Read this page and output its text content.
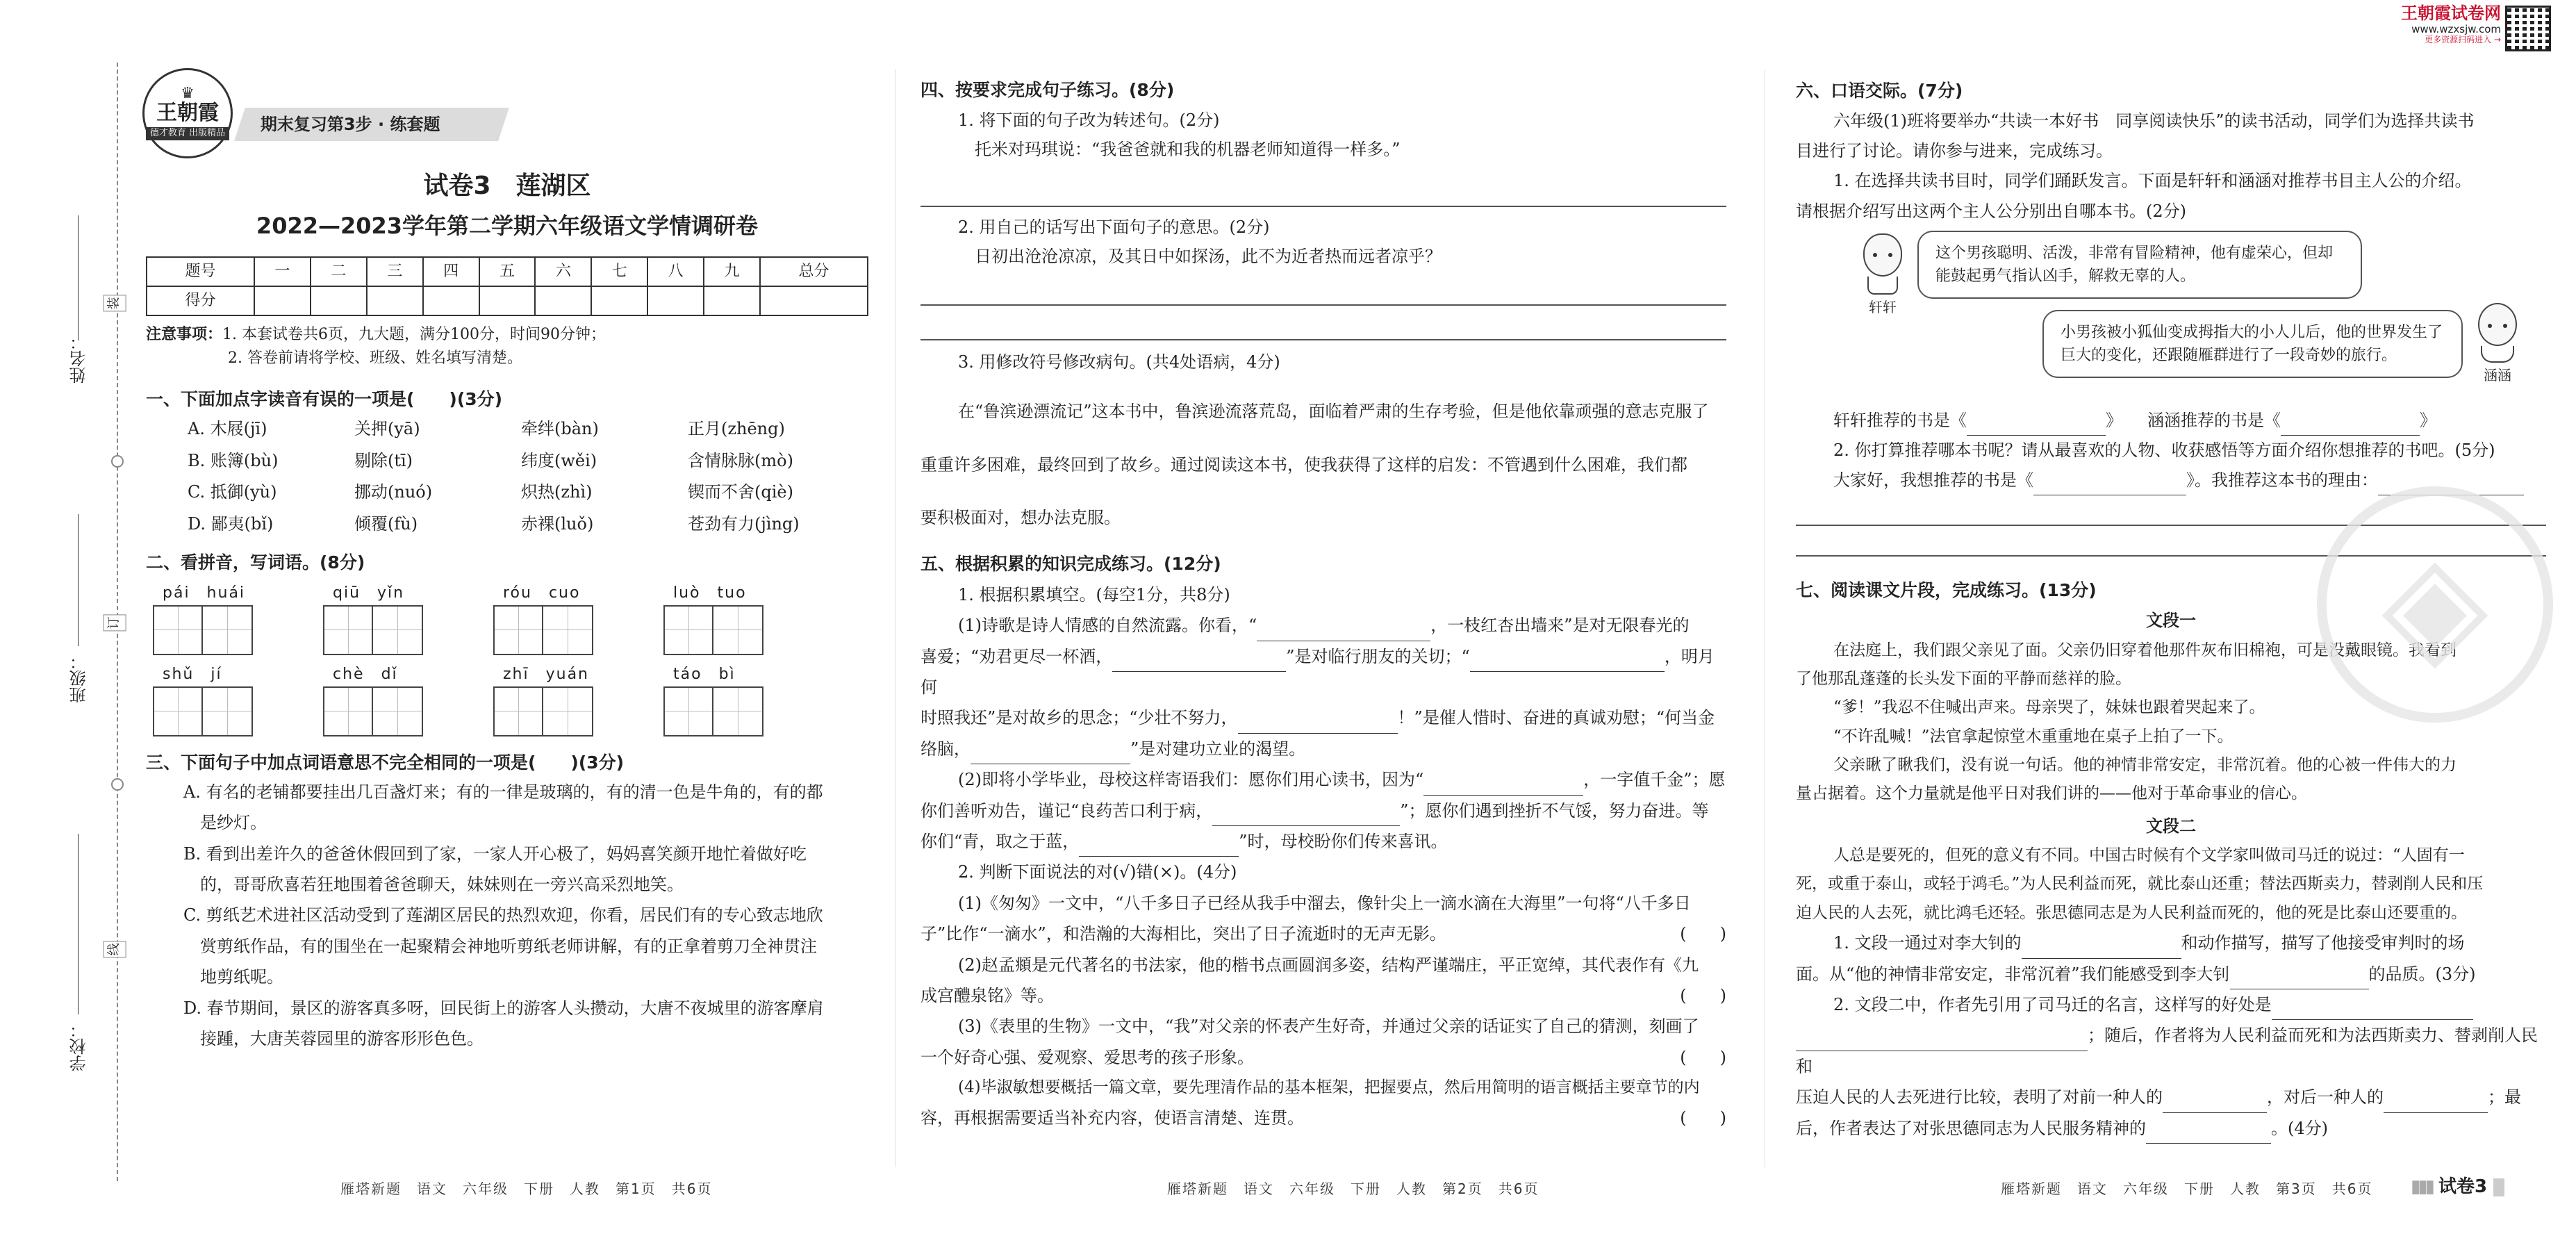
姓名：
班级：
学校：
装
订
线
♛
王朝霞
德才教育 出版精品 期末复习第3步 · 练套题
试卷3　莲湖区
2022—2023学年第二学期六年级语文学情调研卷
题号	一	二	三	四	五	六	七	八	九	总分
得分										
注意事项：1. 本套试卷共6页，九大题，满分100分，时间90分钟；
2. 答卷前请将学校、班级、姓名填写清楚。
一、下面加点字读音有误的一项是(　　)(3分)
A. 木屐(jī)	关押(yā)	牵绊(bàn)	正月(zhēng)
B. 账簿(bù)	剔除(tī)	纬度(wěi)	含情脉脉(mò)
C. 抵御(yù)	挪动(nuó)	炽热(zhì)	锲而不舍(qiè)
D. 鄙夷(bǐ)	倾覆(fù)	赤裸(luǒ)	苍劲有力(jìng)
二、看拼音，写词语。(8分)
pái　huái	qiū　yǐn	róu　cuo	luò　tuo
shǔ　jí	chè　dǐ	zhī　yuán	táo　bì
三、下面句子中加点词语意思不完全相同的一项是(　　)(3分)
A. 有名的老铺都要挂出几百盏灯来；有的一律是玻璃的，有的清一色是牛角的，有的都
是纱灯。
B. 看到出差许久的爸爸休假回到了家，一家人开心极了，妈妈喜笑颜开地忙着做好吃
的，哥哥欣喜若狂地围着爸爸聊天，妹妹则在一旁兴高采烈地笑。
C. 剪纸艺术进社区活动受到了莲湖区居民的热烈欢迎，你看，居民们有的专心致志地欣
赏剪纸作品，有的围坐在一起聚精会神地听剪纸老师讲解，有的正拿着剪刀全神贯注
地剪纸呢。
D. 春节期间，景区的游客真多呀，回民街上的游客人头攒动，大唐不夜城里的游客摩肩
接踵，大唐芙蓉园里的游客形形色色。
四、按要求完成句子练习。(8分)
1. 将下面的句子改为转述句。(2分)
托米对玛琪说：“我爸爸就和我的机器老师知道得一样多。”
2. 用自己的话写出下面句子的意思。(2分)
日初出沧沧凉凉，及其日中如探汤，此不为近者热而远者凉乎？
3. 用修改符号修改病句。(共4处语病，4分)
在“鲁滨逊漂流记”这本书中，鲁滨逊流落荒岛，面临着严肃的生存考验，但是他依靠顽强的意志克服了
重重许多困难，最终回到了故乡。通过阅读这本书，使我获得了这样的启发：不管遇到什么困难，我们都
要积极面对，想办法克服。
五、根据积累的知识完成练习。(12分)
1. 根据积累填空。(每空1分，共8分)
(1)诗歌是诗人情感的自然流露。你看，“	，一枝红杏出墙来”是对无限春光的
喜爱；“劝君更尽一杯酒，	”是对临行朋友的关切；“	，明月何
时照我还”是对故乡的思念；“少壮不努力，	！”是催人惜时、奋进的真诚劝慰；“何当金
络脑，	”是对建功立业的渴望。
(2)即将小学毕业，母校这样寄语我们：愿你们用心读书，因为“	，一字值千金”；愿
你们善听劝告，谨记“良药苦口利于病，	”；愿你们遇到挫折不气馁，努力奋进。等
你们“青，取之于蓝，	”时，母校盼你们传来喜讯。
2. 判断下面说法的对(√)错(×)。(4分)
(1)《匆匆》一文中，“八千多日子已经从我手中溜去，像针尖上一滴水滴在大海里”一句将“八千多日
子”比作“一滴水”，和浩瀚的大海相比，突出了日子流逝时的无声无影。	(　　)
(2)赵孟頫是元代著名的书法家，他的楷书点画圆润多姿，结构严谨端庄，平正宽绰，其代表作有《九
成宫醴泉铭》等。	(　　)
(3)《表里的生物》一文中，“我”对父亲的怀表产生好奇，并通过父亲的话证实了自己的猜测，刻画了
一个好奇心强、爱观察、爱思考的孩子形象。	(　　)
(4)毕淑敏想要概括一篇文章，要先理清作品的基本框架，把握要点，然后用简明的语言概括主要章节的内
容，再根据需要适当补充内容，使语言清楚、连贯。	(　　)
六、口语交际。(7分)
六年级(1)班将要举办“共读一本好书　同享阅读快乐”的读书活动，同学们为选择共读书
目进行了讨论。请你参与进来，完成练习。
1. 在选择共读书目时，同学们踊跃发言。下面是轩轩和涵涵对推荐书目主人公的介绍。
请根据介绍写出这两个主人公分别出自哪本书。(2分)
轩轩
这个男孩聪明、活泼，非常有冒险精神，他有虚荣心，但却能鼓起勇气指认凶手，解救无辜的人。
小男孩被小狐仙变成拇指大的小人儿后，他的世界发生了巨大的变化，还跟随雁群进行了一段奇妙的旅行。
涵涵
轩轩推荐的书是《	》　　涵涵推荐的书是《	》
2. 你打算推荐哪本书呢？请从最喜欢的人物、收获感悟等方面介绍你想推荐的书吧。(5分)
大家好，我想推荐的书是《	》。我推荐这本书的理由：
七、阅读课文片段，完成练习。(13分)
文段一
在法庭上，我们跟父亲见了面。父亲仍旧穿着他那件灰布旧棉袍，可是没戴眼镜。我看到
了他那乱蓬蓬的长头发下面的平静而慈祥的脸。
“爹！”我忍不住喊出声来。母亲哭了，妹妹也跟着哭起来了。
“不许乱喊！”法官拿起惊堂木重重地在桌子上拍了一下。
父亲瞅了瞅我们，没有说一句话。他的神情非常安定，非常沉着。他的心被一件伟大的力
量占据着。这个力量就是他平日对我们讲的——他对于革命事业的信心。
文段二
人总是要死的，但死的意义有不同。中国古时候有个文学家叫做司马迁的说过：“人固有一
死，或重于泰山，或轻于鸿毛。”为人民利益而死，就比泰山还重；替法西斯卖力，替剥削人民和压
迫人民的人去死，就比鸿毛还轻。张思德同志是为人民利益而死的，他的死是比泰山还要重的。
1. 文段一通过对李大钊的	和动作描写，描写了他接受审判时的场
面。从“他的神情非常安定，非常沉着”我们能感受到李大钊	的品质。(3分)
2. 文段二中，作者先引用了司马迁的名言，这样写的好处是
；随后，作者将为人民利益而死和为法西斯卖力、替剥削人民和
压迫人民的人去死进行比较，表明了对前一种人的	，对后一种人的	；最
后，作者表达了对张思德同志为人民服务精神的	。(4分)
◈
王朝霞试卷网
www.wzxsjw.com
更多资源扫码进入 →
雁塔新题　语文　六年级　下册　人教　第1页　共6页	雁塔新题　语文　六年级　下册　人教　第2页　共6页	雁塔新题　语文　六年级　下册　人教　第3页　共6页 ▮▮▮ 试卷3
